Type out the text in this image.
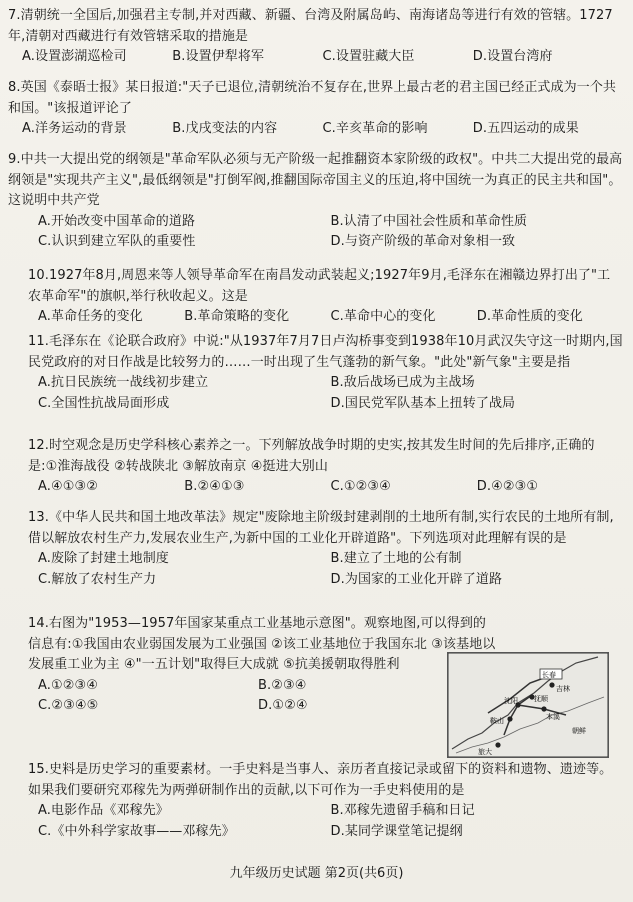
7.清朝统一全国后,加强君主专制,并对西藏、新疆、台湾及附属岛屿、南海诸岛等进行有效的管辖。1727年,清朝对西藏进行有效管辖采取的措施是

A.设置澎湖巡检司	B.设置伊犁将军	C.设置驻藏大臣	D.设置台湾府

8.英国《泰晤士报》某日报道:"天子已退位,清朝统治不复存在,世界上最古老的君主国已经正式成为一个共和国。"该报道评论了

A.洋务运动的背景	B.戊戌变法的内容	C.辛亥革命的影响	D.五四运动的成果

9.中共一大提出党的纲领是"革命军队必须与无产阶级一起推翻资本家阶级的政权"。中共二大提出党的最高纲领是"实现共产主义",最低纲领是"打倒军阀,推翻国际帝国主义的压迫,将中国统一为真正的民主共和国"。这说明中共产党

A.开始改变中国革命的道路	B.认清了中国社会性质和革命性质
C.认识到建立军队的重要性	D.与资产阶级的革命对象相一致

10.1927年8月,周恩来等人领导革命军在南昌发动武装起义;1927年9月,毛泽东在湘赣边界打出了"工农革命军"的旗帜,举行秋收起义。这是

A.革命任务的变化	B.革命策略的变化	C.革命中心的变化	D.革命性质的变化

11.毛泽东在《论联合政府》中说:"从1937年7月7日卢沟桥事变到1938年10月武汉失守这一时期内,国民党政府的对日作战是比较努力的……一时出现了生气蓬勃的新气象。"此处"新气象"主要是指

A.抗日民族统一战线初步建立	B.敌后战场已成为主战场
C.全国性抗战局面形成	D.国民党军队基本上扭转了战局

12.时空观念是历史学科核心素养之一。下列解放战争时期的史实,按其发生时间的先后排序,正确的是:①淮海战役 ②转战陕北 ③解放南京 ④挺进大别山

A.④①③②	B.②④①③	C.①②③④	D.④②③①

13.《中华人民共和国土地改革法》规定"废除地主阶级封建剥削的土地所有制,实行农民的土地所有制,借以解放农村生产力,发展农业生产,为新中国的工业化开辟道路"。下列选项对此理解有误的是

A.废除了封建土地制度	B.建立了土地的公有制
C.解放了农村生产力	D.为国家的工业化开辟了道路

14.右图为"1953—1957年国家某重点工业基地示意图"。观察地图,可以得到的信息有:①我国由农业弱国发展为工业强国 ②该工业基地位于我国东北 ③该基地以发展重工业为主 ④"一五计划"取得巨大成就 ⑤抗美援朝取得胜利

A.①②③④	B.②③④
C.②③④⑤	D.①②④
长春
吉林
鞍山
沈阳 抚顺
本溪
旅大
朝鲜

15.史料是历史学习的重要素材。一手史料是当事人、亲历者直接记录或留下的资料和遗物、遗迹等。如果我们要研究邓稼先为两弹研制作出的贡献,以下可作为一手史料使用的是

A.电影作品《邓稼先》	B.邓稼先遗留手稿和日记
C.《中外科学家故事——邓稼先》	D.某同学课堂笔记提纲
九年级历史试题 第2页(共6页)
